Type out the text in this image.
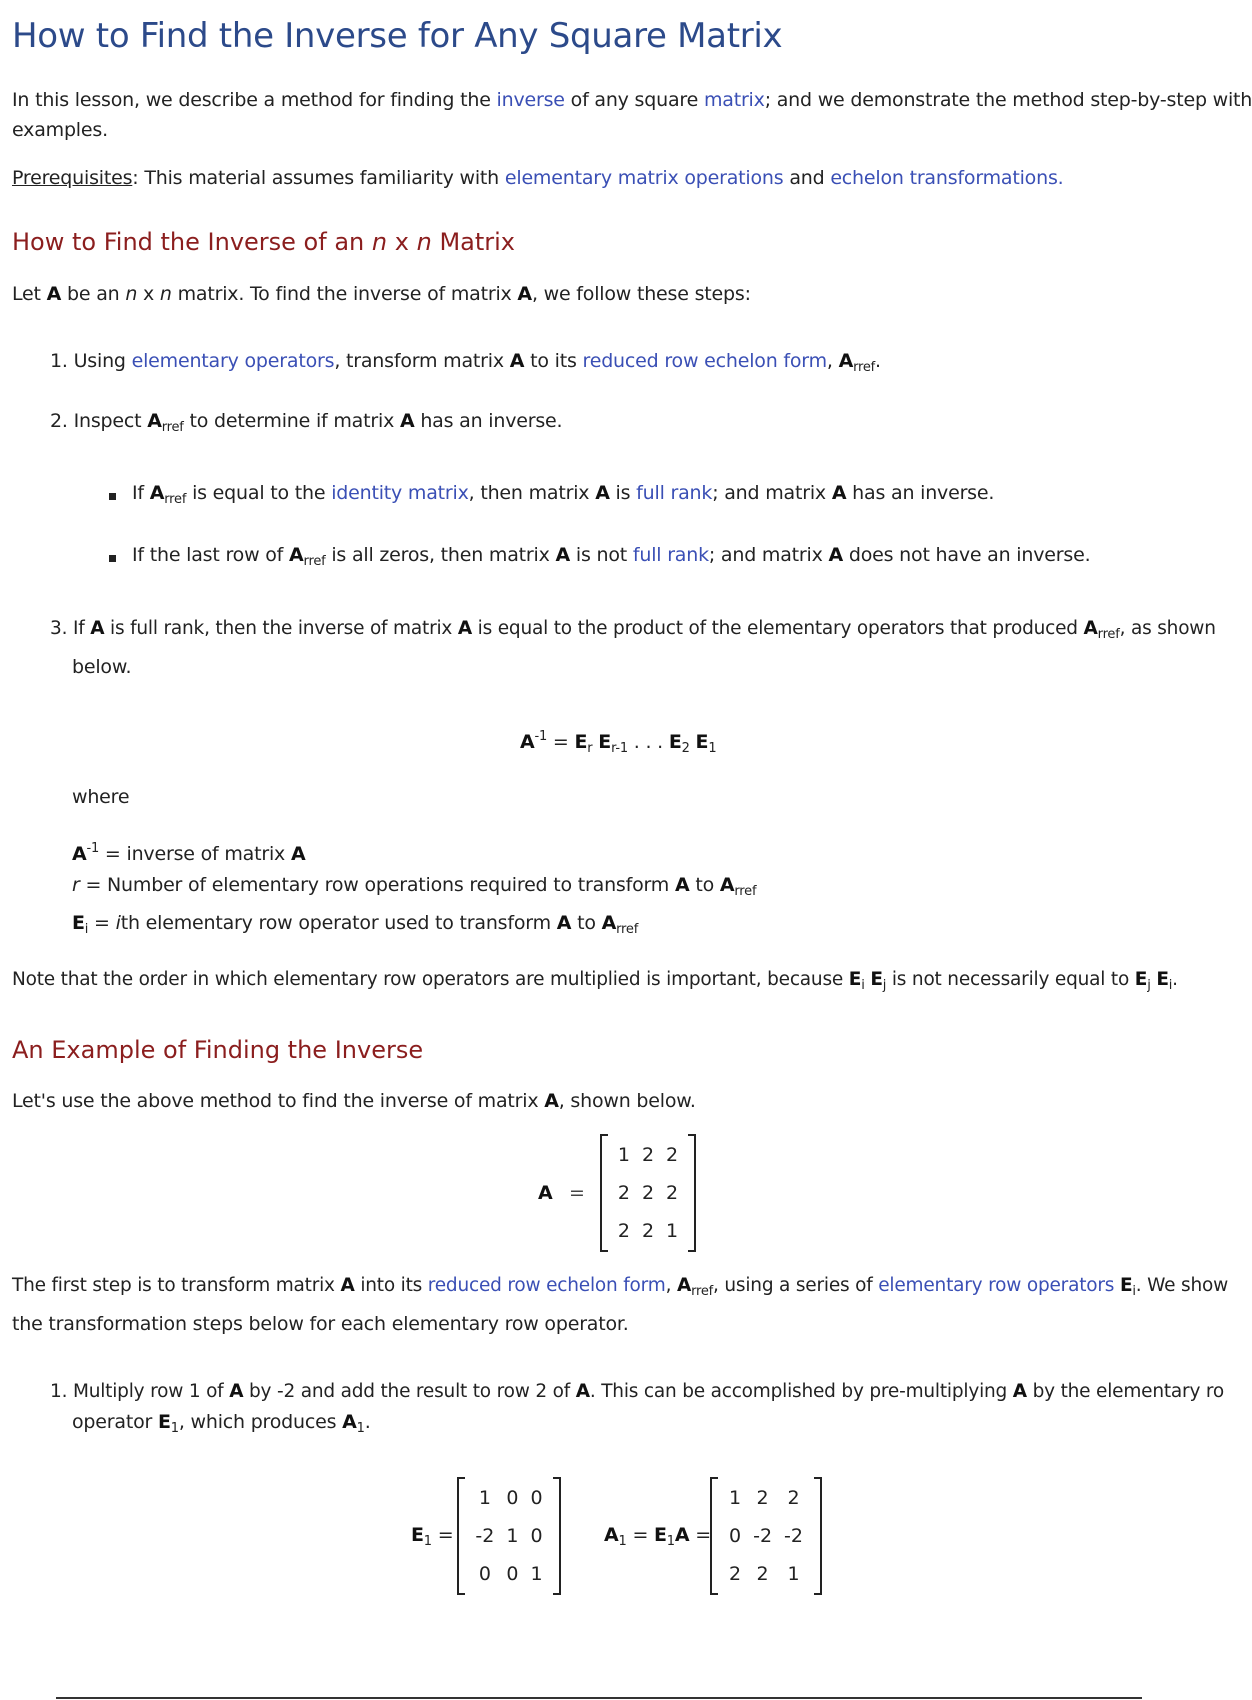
How to Find the Inverse for Any Square Matrix
In this lesson, we describe a method for finding the inverse of any square matrix; and we demonstrate the method step-by-step with
examples.
Prerequisites: This material assumes familiarity with elementary matrix operations and echelon transformations.
How to Find the Inverse of an n x n Matrix
Let A be an n x n matrix. To find the inverse of matrix A, we follow these steps:
1. Using elementary operators, transform matrix A to its reduced row echelon form, $A_{rref}$.
2. Inspect $A_{rref}$ to determine if matrix A has an inverse.
If $A_{rref}$ is equal to the identity matrix, then matrix A is full rank; and matrix A has an inverse.
If the last row of $A_{rref}$ is all zeros, then matrix A is not full rank; and matrix A does not have an inverse.
3. If A is full rank, then the inverse of matrix A is equal to the product of the elementary operators that produced $A_{rref}$, as shown
below.
$A^{-1} = E_r$ $E_{r-1}$ . . . $E_2$ $E_1$
where
$A^{-1}$ = inverse of matrix A
r = Number of elementary row operations required to transform A to $A_{rref}$
$E_i$ = ith elementary row operator used to transform A to $A_{rref}$
Note that the order in which elementary row operators are multiplied is important, because $E_i$ $E_j$ is not necessarily equal to $E_j$ $E_i$.
An Example of Finding the Inverse
Let's use the above method to find the inverse of matrix A, shown below.
A =
1	2	2
2	2	2
2	2	1
The first step is to transform matrix A into its reduced row echelon form, $A_{rref}$, using a series of elementary row operators $E_i$. We show
the transformation steps below for each elementary row operator.
1. Multiply row 1 of A by -2 and add the result to row 2 of A. This can be accomplished by pre-multiplying A by the elementary ro
operator $E_1$, which produces $A_1$.
$E_1$ =
1	0	0
-2	1	0
0	0	1
$A_1 = E_1A$ =
1	2	2
0	-2	-2
2	2	1
